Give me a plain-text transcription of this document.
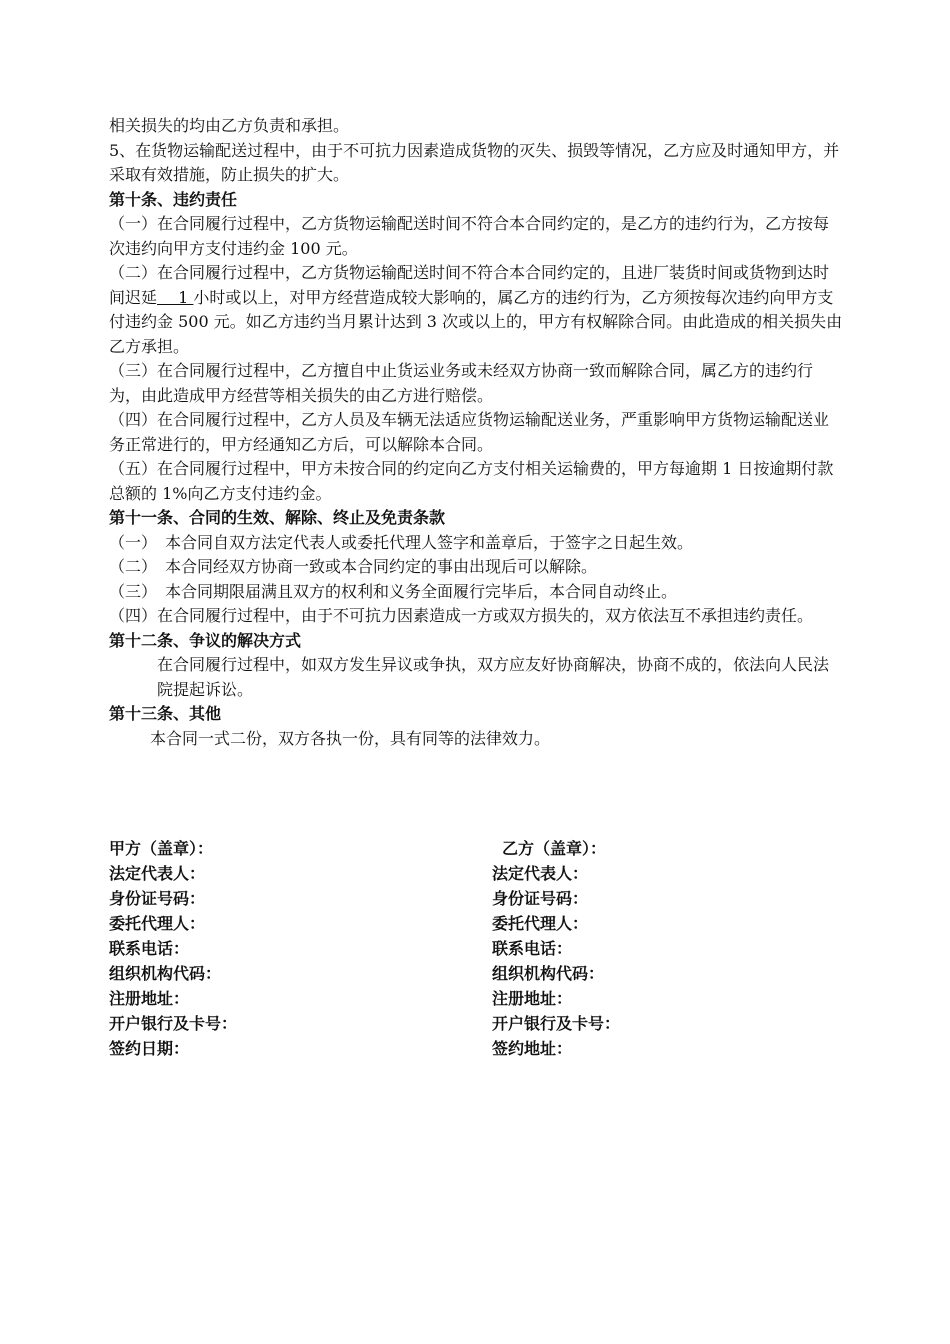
相关损失的均由乙方负责和承担。

5、在货物运输配送过程中，由于不可抗力因素造成货物的灭失、损毁等情况，乙方应及时通知甲方，并采取有效措施，防止损失的扩大。

第十条、违约责任

（一）在合同履行过程中，乙方货物运输配送时间不符合本合同约定的，是乙方的违约行为，乙方按每次违约向甲方支付违约金 100 元。

（二）在合同履行过程中，乙方货物运输配送时间不符合本合同约定的，且进厂装货时间或货物到达时间迟延　 1 小时或以上，对甲方经营造成较大影响的，属乙方的违约行为，乙方须按每次违约向甲方支付违约金 500 元。如乙方违约当月累计达到 3 次或以上的，甲方有权解除合同。由此造成的相关损失由乙方承担。

（三）在合同履行过程中，乙方擅自中止货运业务或未经双方协商一致而解除合同，属乙方的违约行为，由此造成甲方经营等相关损失的由乙方进行赔偿。

（四）在合同履行过程中，乙方人员及车辆无法适应货物运输配送业务，严重影响甲方货物运输配送业务正常进行的，甲方经通知乙方后，可以解除本合同。

（五）在合同履行过程中，甲方未按合同的约定向乙方支付相关运输费的，甲方每逾期 1 日按逾期付款总额的 1%向乙方支付违约金。

第十一条、合同的生效、解除、终止及免责条款

（一）　本合同自双方法定代表人或委托代理人签字和盖章后，于签字之日起生效。

（二）　本合同经双方协商一致或本合同约定的事由出现后可以解除。

（三）　本合同期限届满且双方的权利和义务全面履行完毕后，本合同自动终止。

（四）在合同履行过程中，由于不可抗力因素造成一方或双方损失的，双方依法互不承担违约责任。

第十二条、争议的解决方式

在合同履行过程中，如双方发生异议或争执，双方应友好协商解决，协商不成的，依法向人民法院提起诉讼。

第十三条、其他

本合同一式二份，双方各执一份，具有同等的法律效力。

甲方（盖章）：
法定代表人：
身份证号码：
委托代理人：
联系电话：
组织机构代码：
注册地址：
开户银行及卡号：
签约日期：
乙方（盖章）：
法定代表人：
身份证号码：
委托代理人：
联系电话：
组织机构代码：
注册地址：
开户银行及卡号：
签约地址：
